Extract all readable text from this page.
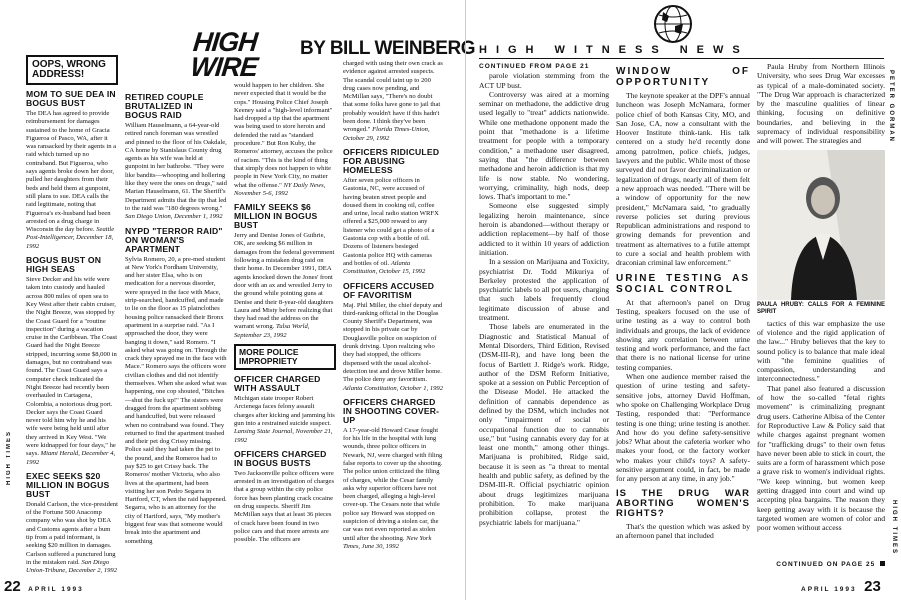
HIGH TIMES
HIGH WIRE
BY BILL WEINBERG
OOPS, WRONG ADDRESS!
MOM TO SUE DEA IN BOGUS BUST
The DEA has agreed to provide reimbursement for damages sustained to the home of Gracia Figueroa of Pasco, WA, after it was ransacked by their agents in a raid which turned up no contraband. But Figueroa, who says agents broke down her door, pulled her daughters from their beds and held them at gunpoint, still plans to sue. DEA calls the raid legitimate, noting that Figueroa's ex-husband had been arrested on a drug charge in Wisconsin the day before. Seattle Post-Intelligencer, December 18, 1992
BOGUS BUST ON HIGH SEAS
Steve Decker and his wife were taken into custody and hauled across 800 miles of open sea to Key West after their cabin cruiser, the Night Breeze, was stopped by the Coast Guard for a "routine inspection" during a vacation cruise in the Caribbean. The Coast Guard had the Night Breeze stripped, incurring some $8,000 in damages, but no contraband was found. The Coast Guard says a computer check indicated the Night Breeze had recently been overhauled in Cartagena, Colombia, a notorious drug port. Decker says the Coast Guard never told him why he and his wife were being held until after they arrived in Key West. "We were kidnapped for four days," he says. Miami Herald, December 4, 1992
EXEC SEEKS $20 MILLION IN BOGUS BUST
Donald Carlson, the vice-president of the Fortune 500 Anacomp company who was shot by DEA and Customs agents after a bum tip from a paid informant, is seeking $20 million in damages. Carlson suffered a punctured lung in the mistaken raid. San Diego Union-Tribune, December 2, 1992
RETIRED COUPLE BRUTALIZED IN BOGUS RAID
William Hauselmann, a 64-year-old retired ranch foreman was wrestled and pinned to the floor of his Oakdale, CA home by Stanislaus County drug agents as his wife was held at gunpoint in her bathrobe. "They were like bandits—whooping and hollering like they were the ones on drugs," said Marian Hauselmann, 61. The Sheriff's Department admits that the tip that led to the raid was "180 degrees wrong." San Diego Union, December 1, 1992
NYPD "TERROR RAID" ON WOMAN'S APARTMENT
Sylvia Romero, 20, a pre-med student at New York's Fordham University, and her sister Elsa, who is on medication for a nervous disorder, were sprayed in the face with Mace, strip-searched, handcuffed, and made to lie on the floor as 15 plainclothes housing police ransacked their Bronx apartment in a surprise raid. "As I approached the door, they were banging it down," said Romero. "I asked what was going on. Through the crack they sprayed me in the face with Mace." Romero says the officers wore civilian clothes and did not identify themselves. When she asked what was happening, one cop shouted, "Bitches—shut the fuck up!" The sisters were dragged from the apartment sobbing and handcuffed, but were released when no contraband was found. They returned to find the apartment trashed and their pet dog Crissy missing. Police said they had taken the pet to the pound, and the Romeros had to pay $25 to get Crissy back. The Romeros' mother Victoria, who also lives at the apartment, had been visiting her son Pedro Segarra in Hartford, CT, when the raid happened. Segarra, who is an attorney for the city of Hartford, says, "My mother's biggest fear was that someone would break into the apartment and something
would happen to her children. She never expected that it would be the cops." Housing Police Chief Joseph Keeney said a "high-level informant" had dropped a tip that the apartment was being used to store heroin and defended the raid as "standard procedure." But Ron Kuby, the Romeros' attorney, accuses the police of racism. "This is the kind of thing that simply does not happen to white people in New York City, no matter what the offense." NY Daily News, November 5-6, 1992
FAMILY SEEKS $6 MILLION IN BOGUS BUST
Jerry and Denise Jones of Guthrie, OK, are seeking $6 million in damages from the federal government following a mistaken drug raid on their home. In December 1991, DEA agents knocked down the Jones' front door with an ax and wrestled Jerry to the ground while pointing guns at Denise and their 8-year-old daughters Laura and Misty before realizing that they had read the address on the warrant wrong. Tulsa World, September 23, 1992
MORE POLICE IMPROPRIETY
OFFICER CHARGED WITH ASSAULT
Michigan state trooper Robert Arcienega faces felony assault charges after kicking and jamming his gun into a restrained suicide suspect. Lansing State Journal, November 21, 1992
OFFICERS CHARGED IN BOGUS BUSTS
Two Jacksonville police officers were arrested in an investigation of charges that a group within the city police force has been planting crack cocaine on drug suspects. Sheriff Jim McMillan says that at least 36 pieces of crack have been found in two police cars and that more arrests are possible. The officers are
charged with using their own crack as evidence against arrested suspects. The scandal could taint up to 200 drug cases now pending, and McMillan says, "There's no doubt that some folks have gone to jail that probably wouldn't have if this hadn't been done. I think they've been wronged." Florida Times-Union, October 29, 1992
OFFICERS RIDICULED FOR ABUSING HOMELESS
After seven police officers in Gastonia, NC, were accused of having beaten street people and doused them in cooking oil, coffee and urine, local radio station WRFX offered a $25,000 reward to any listener who could get a photo of a Gastonia cop with a bottle of oil. Dozens of listeners besieged Gastonia police HQ with cameras and bottles of oil. Atlanta Constitution, October 15, 1992
OFFICERS ACCUSED OF FAVORITISM
Maj. Phil Miller, the chief deputy and third-ranking official in the Douglas County Sheriff's Department, was stopped in his private car by Douglasville police on suspicion of drunk driving. Upon realizing who they had stopped, the officers dispensed with the usual alcohol-detection test and drove Miller home. The police deny any favoritism. Atlanta Constitution, October 1, 1992
OFFICERS CHARGED IN SHOOTING COVER-UP
A 17-year-old Howard Cesar fought for his life in the hospital with lung wounds, three police officers in Newark, NJ, were charged with filing false reports to cover up the shooting. The police union criticized the filing of charges, while the Cesar family asks why superior officers have not been charged, alleging a high-level cover-up. The Cesars note that while police say Howard was stopped on suspicion of driving a stolen car, the car was not even reported as stolen until after the shooting. New York Times, June 30, 1992
22 APRIL 1993
HIGH WITNESS NEWS
PETER GORMAN
HIGH TIMES
CONTINUED FROM PAGE 21

parole violation stemming from the ACT UP bust.

Controversy was aired at a morning seminar on methadone, the addictive drug used legally to "treat" addicts nationwide. While one methadone opponent made the point that "methadone is a lifetime treatment for people with a temporary condition," a methadone user disagreed, saying that "the difference between methadone and heroin addiction is that my life is now stable. No wondering, worrying, criminality, high nods, deep lows. That's important to me."

Someone else suggested simply legalizing heroin maintenance, since heroin is abandoned—without therapy or addiction replacement—by half of those addicted to it within 10 years of addiction initiation.

In a session on Marijuana and Toxicity, psychiatrist Dr. Todd Mikuriya of Berkeley protested the application of psychiatric labels to all pot users, charging that such labels frequently cloud legitimate discussion of abuse and treatment.

Those labels are enumerated in the Diagnostic and Statistical Manual of Mental Disorders, Third Edition, Revised (DSM-III-R), and have long been the focus of Bartlett J. Ridge's work. Ridge, author of the DSM Reform Initiative, spoke at a session on Public Perception of the Disease Model. He attacked the definition of cannabis dependence as defined by the DSM, which includes not only "impairment of social or occupational function due to cannabis use," but "using cannabis every day for at least one month," among other things. Marijuana is prohibited, Ridge said, because it is seen as "a threat to mental health and public safety, as defined by the DSM-III-R. Official psychiatric opinion about drugs legitimizes marijuana prohibition. To make marijuana prohibition collapse, protest the psychiatric labels for marijuana."

WINDOW OF OPPORTUNITY

The keynote speaker at the DPF's annual luncheon was Joseph McNamara, former police chief of both Kansas City, MO, and San Jose, CA, now a consultant with the Hoover Institute think-tank. His talk centered on a study he'd recently done among patrolmen, police chiefs, judges, lawyers and the public. While most of those surveyed did not favor decriminalization or legalization of drugs, nearly all of them felt a new approach was needed. "There will be a window of opportunity for the new president," McNamara said, "to gradually reverse policies set during previous Republican administrations and respond to growing demands for prevention and treatment as alternatives to a futile attempt to cure a social and health problem with draconian criminal law enforcement."

URINE TESTING AS SOCIAL CONTROL

At that afternoon's panel on Drug Testing, speakers focused on the use of urine testing as a way to control both individuals and groups, the lack of evidence showing any correlation between urine testing and work performance, and the fact that there is no national license for urine testing companies.

When one audience member raised the question of urine testing and safety-sensitive jobs, attorney David Hoffman, who spoke on Challenging Workplace Drug Testing, responded that: "Performance testing is one thing; urine testing is another. And how do you define safety-sensitive jobs? What about the cafeteria worker who makes your food, or the factory worker who makes your child's toys? A safety-sensitive argument could, in fact, be made for any person at any time, in any job."

IS THE DRUG WAR ABORTING WOMEN'S RIGHTS?

That's the question which was asked by an afternoon panel that included

Paula Hruby from Northern Illinois University, who sees Drug War excesses as typical of a male-dominated society. "The Drug War approach is characterized by the masculine qualities of linear thinking, focusing on definitive boundaries, and believing in the supremacy of individual responsibility and will power. The strategies and

PAULA HRUBY: CALLS FOR A FEMININE SPIRIT

tactics of this war emphasize the use of violence and the rigid application of the law..." Hruby believes that the key to sound policy is to balance that male ideal with "the feminine qualities of compassion, understanding and interconnectedness."

That panel also featured a discussion of how the so-called "fetal rights movement" is criminalizing pregnant drug users. Catherine Albisa of the Center for Reproductive Law & Policy said that while charges against pregnant women for "trafficking drugs" to their own fetus have never been able to stick in court, the suits are a form of harassment which pose a grave risk to women's individual rights. "We keep winning, but women keep getting dragged into court and wind up accepting plea bargains. The reason they keep getting away with it is because the targeted women are women of color and poor women without access

CONTINUED ON PAGE 25
APRIL 1993 23
